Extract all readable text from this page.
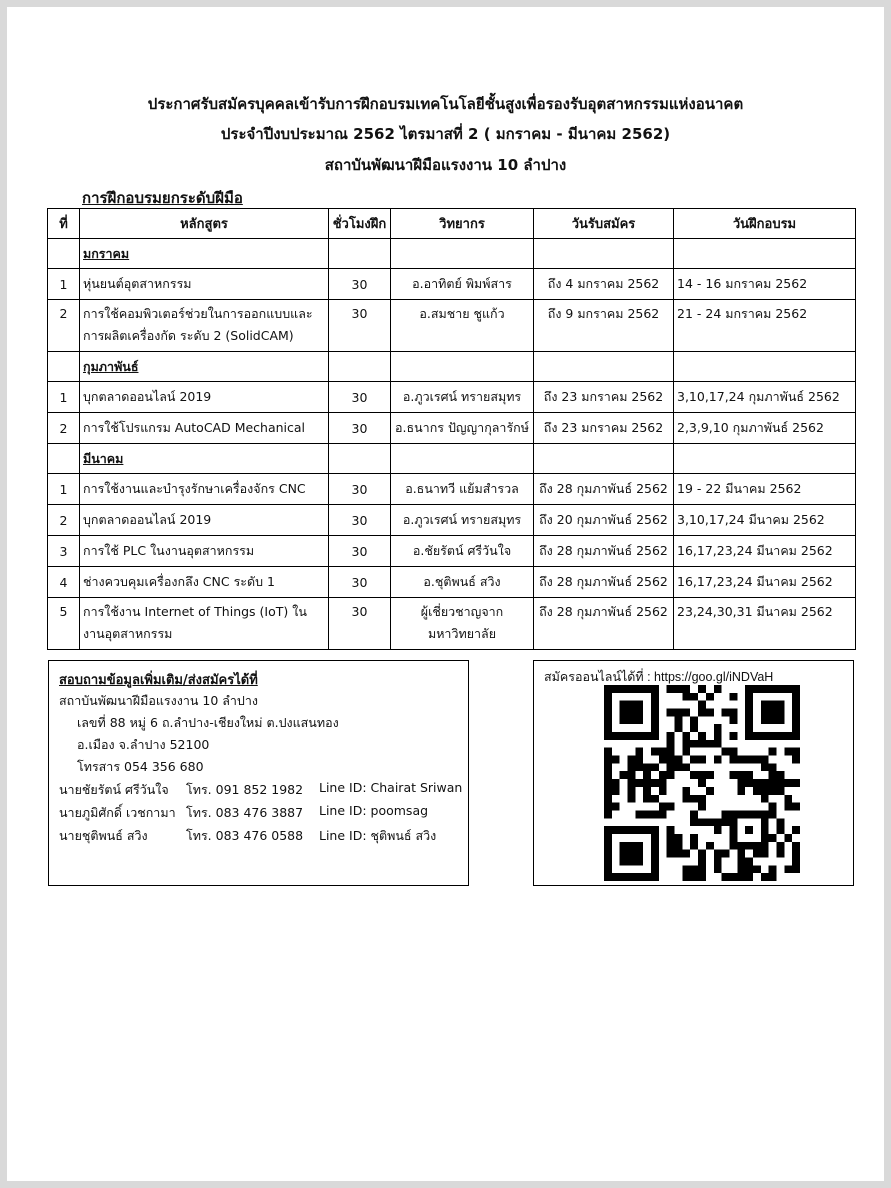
ประกาศรับสมัครบุคคลเข้ารับการฝึกอบรมเทคโนโลยีชั้นสูงเพื่อรองรับอุตสาหกรรมแห่งอนาคต
ประจำปีงบประมาณ 2562 ไตรมาสที่ 2 ( มกราคม - มีนาคม 2562)
สถาบันพัฒนาฝีมือแรงงาน 10 ลำปาง
การฝึกอบรมยกระดับฝีมือ
ที่	หลักสูตร	ชั่วโมงฝึก	วิทยากร	วันรับสมัคร	วันฝึกอบรม
	มกราคม				
1	หุ่นยนต์อุตสาหกรรม	30	อ.อาทิตย์ พิมพ์สาร	ถึง 4 มกราคม 2562	14 - 16 มกราคม 2562
2	การใช้คอมพิวเตอร์ช่วยในการออกแบบและการผลิตเครื่องกัด ระดับ 2 (SolidCAM)	30	อ.สมชาย ชูแก้ว	ถึง 9 มกราคม 2562	21 - 24 มกราคม 2562
	กุมภาพันธ์				
1	บุกตลาดออนไลน์ 2019	30	อ.ภูวเรศน์ ทรายสมุทร	ถึง 23 มกราคม 2562	3,10,17,24 กุมภาพันธ์ 2562
2	การใช้โปรแกรม AutoCAD Mechanical	30	อ.ธนากร ปัญญากุลารักษ์	ถึง 23 มกราคม 2562	2,3,9,10 กุมภาพันธ์ 2562
	มีนาคม				
1	การใช้งานและบำรุงรักษาเครื่องจักร CNC	30	อ.ธนาทวี แย้มสำรวล	ถึง 28 กุมภาพันธ์ 2562	19 - 22 มีนาคม 2562
2	บุกตลาดออนไลน์ 2019	30	อ.ภูวเรศน์ ทรายสมุทร	ถึง 20 กุมภาพันธ์ 2562	3,10,17,24 มีนาคม 2562
3	การใช้ PLC ในงานอุตสาหกรรม	30	อ.ชัยรัตน์ ศรีวันใจ	ถึง 28 กุมภาพันธ์ 2562	16,17,23,24 มีนาคม 2562
4	ช่างควบคุมเครื่องกลึง CNC ระดับ 1	30	อ.ชุติพนธ์ สวิง	ถึง 28 กุมภาพันธ์ 2562	16,17,23,24 มีนาคม 2562
5	การใช้งาน Internet of Things (IoT) ในงานอุตสาหกรรม	30	ผู้เชี่ยวชาญจาก มหาวิทยาลัย	ถึง 28 กุมภาพันธ์ 2562	23,24,30,31 มีนาคม 2562
สอบถามข้อมูลเพิ่มเติม/ส่งสมัครได้ที่
สถาบันพัฒนาฝีมือแรงงาน 10 ลำปาง
เลขที่ 88 หมู่ 6 ถ.ลำปาง-เชียงใหม่ ต.ปงแสนทอง
อ.เมือง จ.ลำปาง 52100
โทรสาร 054 356 680
นายชัยรัตน์ ศรีวันใจ โทร. 091 852 1982 Line ID: Chairat Sriwan
นายภูมิศักดิ์ เวชกามา โทร. 083 476 3887 Line ID: poomsag
นายชุติพนธ์ สวิง	โทร. 083 476 0588 Line ID: ชุติพนธ์ สวิง
สมัครออนไลน์ได้ที่ : https://goo.gl/iNDVaH
